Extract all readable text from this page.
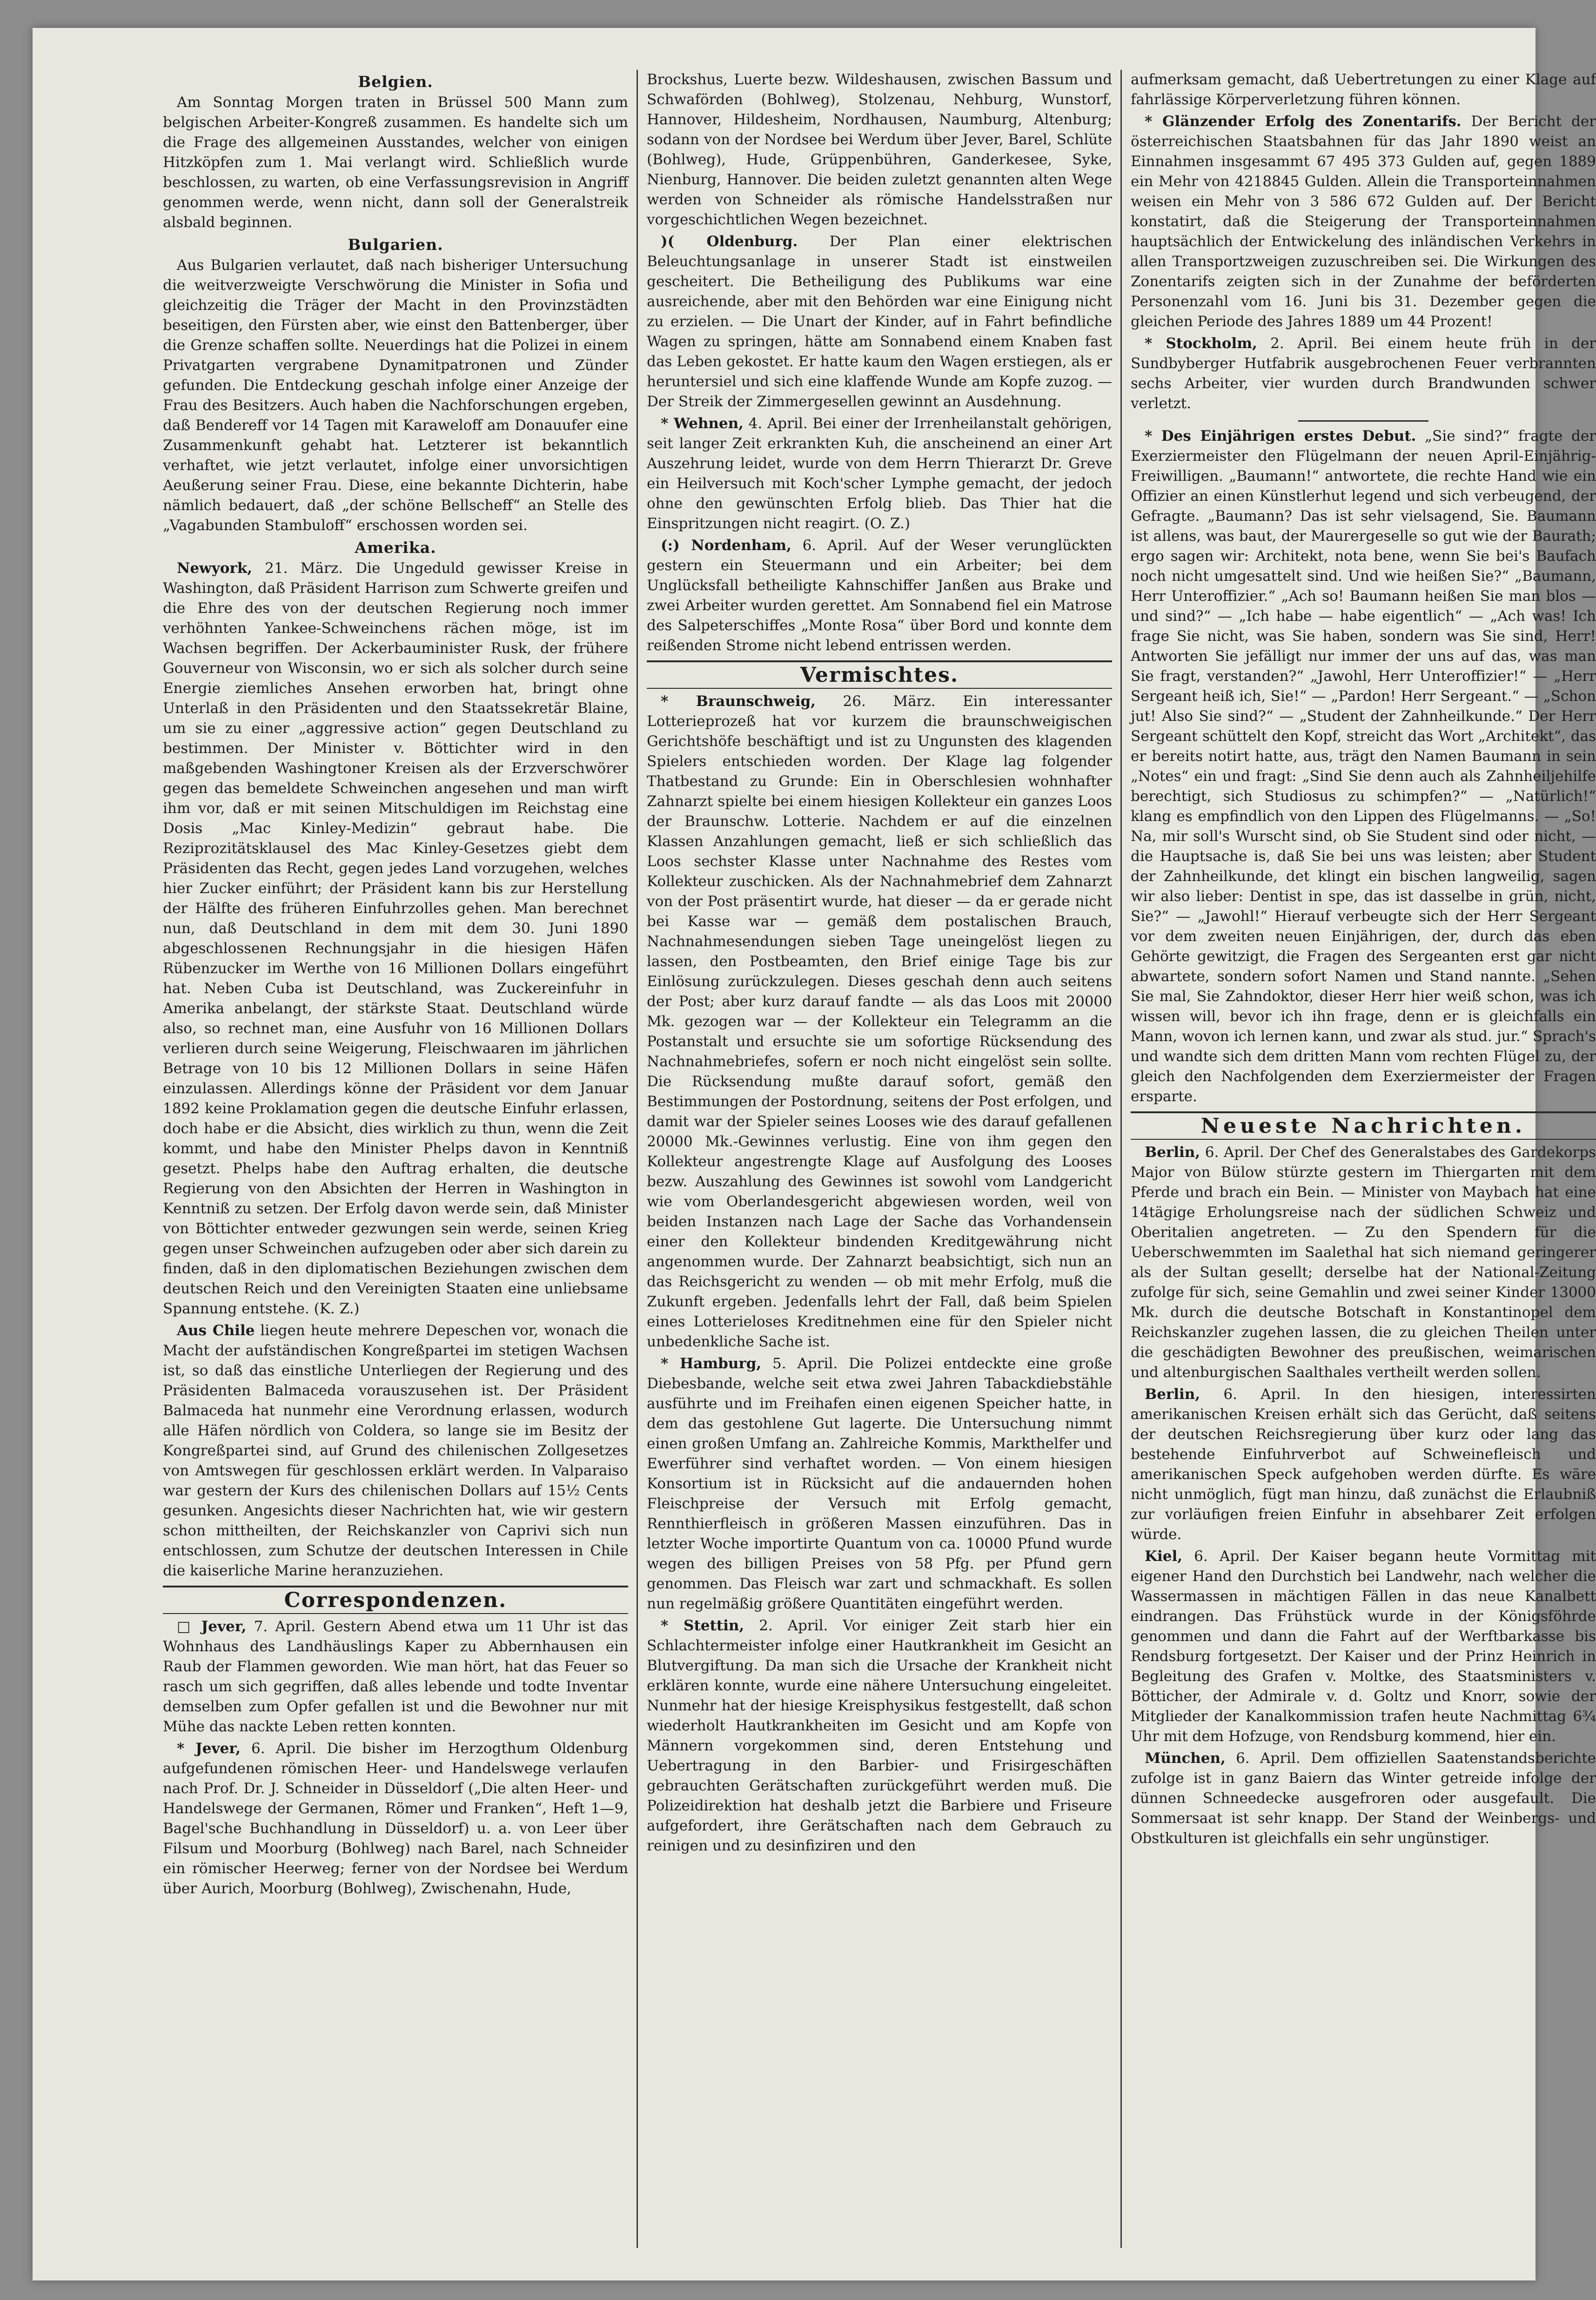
Belgien.

Am Sonntag Morgen traten in Brüssel 500 Mann zum belgischen Arbeiter-Kongreß zusammen. Es handelte sich um die Frage des allgemeinen Ausstandes, welcher von einigen Hitzköpfen zum 1. Mai verlangt wird. Schließlich wurde beschlossen, zu warten, ob eine Verfassungsrevision in Angriff genommen werde, wenn nicht, dann soll der Generalstreik alsbald beginnen.

Bulgarien.

Aus Bulgarien verlautet, daß nach bisheriger Untersuchung die weitverzweigte Verschwörung die Minister in Sofia und gleichzeitig die Träger der Macht in den Provinzstädten beseitigen, den Fürsten aber, wie einst den Battenberger, über die Grenze schaffen sollte. Neuerdings hat die Polizei in einem Privatgarten vergrabene Dynamitpatronen und Zünder gefunden. Die Entdeckung geschah infolge einer Anzeige der Frau des Besitzers. Auch haben die Nachforschungen ergeben, daß Bendereff vor 14 Tagen mit Karaweloff am Donauufer eine Zusammenkunft gehabt hat. Letzterer ist bekanntlich verhaftet, wie jetzt verlautet, infolge einer unvorsichtigen Aeußerung seiner Frau. Diese, eine bekannte Dichterin, habe nämlich bedauert, daß „der schöne Bellscheff“ an Stelle des „Vagabunden Stambuloff“ erschossen worden sei.

Amerika.

Newyork, 21. März. Die Ungeduld gewisser Kreise in Washington, daß Präsident Harrison zum Schwerte greifen und die Ehre des von der deutschen Regierung noch immer verhöhnten Yankee-Schweinchens rächen möge, ist im Wachsen begriffen. Der Ackerbauminister Rusk, der frühere Gouverneur von Wisconsin, wo er sich als solcher durch seine Energie ziemliches Ansehen erworben hat, bringt ohne Unterlaß in den Präsidenten und den Staatssekretär Blaine, um sie zu einer „aggressive action“ gegen Deutschland zu bestimmen. Der Minister v. Böttichter wird in den maßgebenden Washingtoner Kreisen als der Erzverschwörer gegen das bemeldete Schweinchen angesehen und man wirft ihm vor, daß er mit seinen Mitschuldigen im Reichstag eine Dosis „Mac Kinley-Medizin“ gebraut habe. Die Reziprozitätsklausel des Mac Kinley-Gesetzes giebt dem Präsidenten das Recht, gegen jedes Land vorzugehen, welches hier Zucker einführt; der Präsident kann bis zur Herstellung der Hälfte des früheren Einfuhrzolles gehen. Man berechnet nun, daß Deutschland in dem mit dem 30. Juni 1890 abgeschlossenen Rechnungsjahr in die hiesigen Häfen Rübenzucker im Werthe von 16 Millionen Dollars eingeführt hat. Neben Cuba ist Deutschland, was Zuckereinfuhr in Amerika anbelangt, der stärkste Staat. Deutschland würde also, so rechnet man, eine Ausfuhr von 16 Millionen Dollars verlieren durch seine Weigerung, Fleischwaaren im jährlichen Betrage von 10 bis 12 Millionen Dollars in seine Häfen einzulassen. Allerdings könne der Präsident vor dem Januar 1892 keine Proklamation gegen die deutsche Einfuhr erlassen, doch habe er die Absicht, dies wirklich zu thun, wenn die Zeit kommt, und habe den Minister Phelps davon in Kenntniß gesetzt. Phelps habe den Auftrag erhalten, die deutsche Regierung von den Absichten der Herren in Washington in Kenntniß zu setzen. Der Erfolg davon werde sein, daß Minister von Böttichter entweder gezwungen sein werde, seinen Krieg gegen unser Schweinchen aufzugeben oder aber sich darein zu finden, daß in den diplomatischen Beziehungen zwischen dem deutschen Reich und den Vereinigten Staaten eine unliebsame Spannung entstehe. (K. Z.)

Aus Chile liegen heute mehrere Depeschen vor, wonach die Macht der aufständischen Kongreßpartei im stetigen Wachsen ist, so daß das einstliche Unterliegen der Regierung und des Präsidenten Balmaceda vorauszusehen ist. Der Präsident Balmaceda hat nunmehr eine Verordnung erlassen, wodurch alle Häfen nördlich von Coldera, so lange sie im Besitz der Kongreßpartei sind, auf Grund des chilenischen Zollgesetzes von Amtswegen für geschlossen erklärt werden. In Valparaiso war gestern der Kurs des chilenischen Dollars auf 15½ Cents gesunken. Angesichts dieser Nachrichten hat, wie wir gestern schon mittheilten, der Reichskanzler von Caprivi sich nun entschlossen, zum Schutze der deutschen Interessen in Chile die kaiserliche Marine heranzuziehen.

Correspondenzen.

□ Jever, 7. April. Gestern Abend etwa um 11 Uhr ist das Wohnhaus des Landhäuslings Kaper zu Abbernhausen ein Raub der Flammen geworden. Wie man hört, hat das Feuer so rasch um sich gegriffen, daß alles lebende und todte Inventar demselben zum Opfer gefallen ist und die Bewohner nur mit Mühe das nackte Leben retten konnten.

* Jever, 6. April. Die bisher im Herzogthum Oldenburg aufgefundenen römischen Heer- und Handelswege verlaufen nach Prof. Dr. J. Schneider in Düsseldorf („Die alten Heer- und Handelswege der Germanen, Römer und Franken“, Heft 1—9, Bagel'sche Buchhandlung in Düsseldorf) u. a. von Leer über Filsum und Moorburg (Bohlweg) nach Barel, nach Schneider ein römischer Heerweg; ferner von der Nordsee bei Werdum über Aurich, Moorburg (Bohlweg), Zwischenahn, Hude,

Brockshus, Luerte bezw. Wildeshausen, zwischen Bassum und Schwaförden (Bohlweg), Stolzenau, Nehburg, Wunstorf, Hannover, Hildesheim, Nordhausen, Naumburg, Altenburg; sodann von der Nordsee bei Werdum über Jever, Barel, Schlüte (Bohlweg), Hude, Grüppenbühren, Ganderkesee, Syke, Nienburg, Hannover. Die beiden zuletzt genannten alten Wege werden von Schneider als römische Handelsstraßen nur vorgeschichtlichen Wegen bezeichnet.

)( Oldenburg. Der Plan einer elektrischen Beleuchtungsanlage in unserer Stadt ist einstweilen gescheitert. Die Betheiligung des Publikums war eine ausreichende, aber mit den Behörden war eine Einigung nicht zu erzielen. — Die Unart der Kinder, auf in Fahrt befindliche Wagen zu springen, hätte am Sonnabend einem Knaben fast das Leben gekostet. Er hatte kaum den Wagen erstiegen, als er heruntersiel und sich eine klaffende Wunde am Kopfe zuzog. — Der Streik der Zimmergesellen gewinnt an Ausdehnung.

* Wehnen, 4. April. Bei einer der Irrenheilanstalt gehörigen, seit langer Zeit erkrankten Kuh, die anscheinend an einer Art Auszehrung leidet, wurde von dem Herrn Thierarzt Dr. Greve ein Heilversuch mit Koch'scher Lymphe gemacht, der jedoch ohne den gewünschten Erfolg blieb. Das Thier hat die Einspritzungen nicht reagirt. (O. Z.)

(:) Nordenham, 6. April. Auf der Weser verunglückten gestern ein Steuermann und ein Arbeiter; bei dem Unglücksfall betheiligte Kahnschiffer Janßen aus Brake und zwei Arbeiter wurden gerettet. Am Sonnabend fiel ein Matrose des Salpeterschiffes „Monte Rosa“ über Bord und konnte dem reißenden Strome nicht lebend entrissen werden.

Vermischtes.

* Braunschweig, 26. März. Ein interessanter Lotterieprozeß hat vor kurzem die braunschweigischen Gerichtshöfe beschäftigt und ist zu Ungunsten des klagenden Spielers entschieden worden. Der Klage lag folgender Thatbestand zu Grunde: Ein in Oberschlesien wohnhafter Zahnarzt spielte bei einem hiesigen Kollekteur ein ganzes Loos der Braunschw. Lotterie. Nachdem er auf die einzelnen Klassen Anzahlungen gemacht, ließ er sich schließlich das Loos sechster Klasse unter Nachnahme des Restes vom Kollekteur zuschicken. Als der Nachnahmebrief dem Zahnarzt von der Post präsentirt wurde, hat dieser — da er gerade nicht bei Kasse war — gemäß dem postalischen Brauch, Nachnahmesendungen sieben Tage uneingelöst liegen zu lassen, den Postbeamten, den Brief einige Tage bis zur Einlösung zurückzulegen. Dieses geschah denn auch seitens der Post; aber kurz darauf fandte — als das Loos mit 20000 Mk. gezogen war — der Kollekteur ein Telegramm an die Postanstalt und ersuchte sie um sofortige Rücksendung des Nachnahmebriefes, sofern er noch nicht eingelöst sein sollte. Die Rücksendung mußte darauf sofort, gemäß den Bestimmungen der Postordnung, seitens der Post erfolgen, und damit war der Spieler seines Looses wie des darauf gefallenen 20000 Mk.-Gewinnes verlustig. Eine von ihm gegen den Kollekteur angestrengte Klage auf Ausfolgung des Looses bezw. Auszahlung des Gewinnes ist sowohl vom Landgericht wie vom Oberlandesgericht abgewiesen worden, weil von beiden Instanzen nach Lage der Sache das Vorhandensein einer den Kollekteur bindenden Kreditgewährung nicht angenommen wurde. Der Zahnarzt beabsichtigt, sich nun an das Reichsgericht zu wenden — ob mit mehr Erfolg, muß die Zukunft ergeben. Jedenfalls lehrt der Fall, daß beim Spielen eines Lotterieloses Kreditnehmen eine für den Spieler nicht unbedenkliche Sache ist.

* Hamburg, 5. April. Die Polizei entdeckte eine große Diebesbande, welche seit etwa zwei Jahren Tabackdiebstähle ausführte und im Freihafen einen eigenen Speicher hatte, in dem das gestohlene Gut lagerte. Die Untersuchung nimmt einen großen Umfang an. Zahlreiche Kommis, Markthelfer und Ewerführer sind verhaftet worden. — Von einem hiesigen Konsortium ist in Rücksicht auf die andauernden hohen Fleischpreise der Versuch mit Erfolg gemacht, Rennthierfleisch in größeren Massen einzuführen. Das in letzter Woche importirte Quantum von ca. 10000 Pfund wurde wegen des billigen Preises von 58 Pfg. per Pfund gern genommen. Das Fleisch war zart und schmackhaft. Es sollen nun regelmäßig größere Quantitäten eingeführt werden.

* Stettin, 2. April. Vor einiger Zeit starb hier ein Schlachtermeister infolge einer Hautkrankheit im Gesicht an Blutvergiftung. Da man sich die Ursache der Krankheit nicht erklären konnte, wurde eine nähere Untersuchung eingeleitet. Nunmehr hat der hiesige Kreisphysikus festgestellt, daß schon wiederholt Hautkrankheiten im Gesicht und am Kopfe von Männern vorgekommen sind, deren Entstehung und Uebertragung in den Barbier- und Frisirgeschäften gebrauchten Gerätschaften zurückgeführt werden muß. Die Polizeidirektion hat deshalb jetzt die Barbiere und Friseure aufgefordert, ihre Gerätschaften nach dem Gebrauch zu reinigen und zu desinfiziren und den

aufmerksam gemacht, daß Uebertretungen zu einer Klage auf fahrlässige Körperverletzung führen können.

* Glänzender Erfolg des Zonentarifs. Der Bericht der österreichischen Staatsbahnen für das Jahr 1890 weist an Einnahmen insgesammt 67 495 373 Gulden auf, gegen 1889 ein Mehr von 4218845 Gulden. Allein die Transporteinnahmen weisen ein Mehr von 3 586 672 Gulden auf. Der Bericht konstatirt, daß die Steigerung der Transporteinnahmen hauptsächlich der Entwickelung des inländischen Verkehrs in allen Transportzweigen zuzuschreiben sei. Die Wirkungen des Zonentarifs zeigten sich in der Zunahme der beförderten Personenzahl vom 16. Juni bis 31. Dezember gegen die gleichen Periode des Jahres 1889 um 44 Prozent!

* Stockholm, 2. April. Bei einem heute früh in der Sundbyberger Hutfabrik ausgebrochenen Feuer verbrannten sechs Arbeiter, vier wurden durch Brandwunden schwer verletzt.

* Des Einjährigen erstes Debut. „Sie sind?“ fragte der Exerziermeister den Flügelmann der neuen April-Einjährig-Freiwilligen. „Baumann!“ antwortete, die rechte Hand wie ein Offizier an einen Künstlerhut legend und sich verbeugend, der Gefragte. „Baumann? Das ist sehr vielsagend, Sie. Baumann ist allens, was baut, der Maurergeselle so gut wie der Baurath; ergo sagen wir: Architekt, nota bene, wenn Sie bei's Baufach noch nicht umgesattelt sind. Und wie heißen Sie?“ „Baumann, Herr Unteroffizier.“ „Ach so! Baumann heißen Sie man blos — und sind?“ — „Ich habe — habe eigentlich“ — „Ach was! Ich frage Sie nicht, was Sie haben, sondern was Sie sind, Herr! Antworten Sie jefälligt nur immer der uns auf das, was man Sie fragt, verstanden?“ „Jawohl, Herr Unteroffizier!“ — „Herr Sergeant heiß ich, Sie!“ — „Pardon! Herr Sergeant.“ — „Schon jut! Also Sie sind?“ — „Student der Zahnheilkunde.“ Der Herr Sergeant schüttelt den Kopf, streicht das Wort „Architekt“, das er bereits notirt hatte, aus, trägt den Namen Baumann in sein „Notes“ ein und fragt: „Sind Sie denn auch als Zahnheiljehilfe berechtigt, sich Studiosus zu schimpfen?“ — „Natürlich!“ klang es empfindlich von den Lippen des Flügelmanns. — „So! Na, mir soll's Wurscht sind, ob Sie Student sind oder nicht, — die Hauptsache is, daß Sie bei uns was leisten; aber Student der Zahnheilkunde, det klingt ein bischen langweilig, sagen wir also lieber: Dentist in spe, das ist dasselbe in grün, nicht, Sie?“ — „Jawohl!“ Hierauf verbeugte sich der Herr Sergeant vor dem zweiten neuen Einjährigen, der, durch das eben Gehörte gewitzigt, die Fragen des Sergeanten erst gar nicht abwartete, sondern sofort Namen und Stand nannte. „Sehen Sie mal, Sie Zahndoktor, dieser Herr hier weiß schon, was ich wissen will, bevor ich ihn frage, denn er is gleichfalls ein Mann, wovon ich lernen kann, und zwar als stud. jur.“ Sprach's und wandte sich dem dritten Mann vom rechten Flügel zu, der gleich den Nachfolgenden dem Exerziermeister der Fragen ersparte.

Neueste Nachrichten.

Berlin, 6. April. Der Chef des Generalstabes des Gardekorps Major von Bülow stürzte gestern im Thiergarten mit dem Pferde und brach ein Bein. — Minister von Maybach hat eine 14tägige Erholungsreise nach der südlichen Schweiz und Oberitalien angetreten. — Zu den Spendern für die Ueberschwemmten im Saalethal hat sich niemand geringerer als der Sultan gesellt; derselbe hat der National-Zeitung zufolge für sich, seine Gemahlin und zwei seiner Kinder 13000 Mk. durch die deutsche Botschaft in Konstantinopel dem Reichskanzler zugehen lassen, die zu gleichen Theilen unter die geschädigten Bewohner des preußischen, weimarischen und altenburgischen Saalthales vertheilt werden sollen.

Berlin, 6. April. In den hiesigen, interessirten amerikanischen Kreisen erhält sich das Gerücht, daß seitens der deutschen Reichsregierung über kurz oder lang das bestehende Einfuhrverbot auf Schweinefleisch und amerikanischen Speck aufgehoben werden dürfte. Es wäre nicht unmöglich, fügt man hinzu, daß zunächst die Erlaubniß zur vorläufigen freien Einfuhr in absehbarer Zeit erfolgen würde.

Kiel, 6. April. Der Kaiser begann heute Vormittag mit eigener Hand den Durchstich bei Landwehr, nach welcher die Wassermassen in mächtigen Fällen in das neue Kanalbett eindrangen. Das Frühstück wurde in der Königsföhrde genommen und dann die Fahrt auf der Werftbarkasse bis Rendsburg fortgesetzt. Der Kaiser und der Prinz Heinrich in Begleitung des Grafen v. Moltke, des Staatsministers v. Bötticher, der Admirale v. d. Goltz und Knorr, sowie der Mitglieder der Kanalkommission trafen heute Nachmittag 6¾ Uhr mit dem Hofzuge, von Rendsburg kommend, hier ein.

München, 6. April. Dem offiziellen Saatenstandsberichte zufolge ist in ganz Baiern das Winter getreide infolge der dünnen Schneedecke ausgefroren oder ausgefault. Die Sommersaat ist sehr knapp. Der Stand der Weinbergs- und Obstkulturen ist gleichfalls ein sehr ungünstiger.
